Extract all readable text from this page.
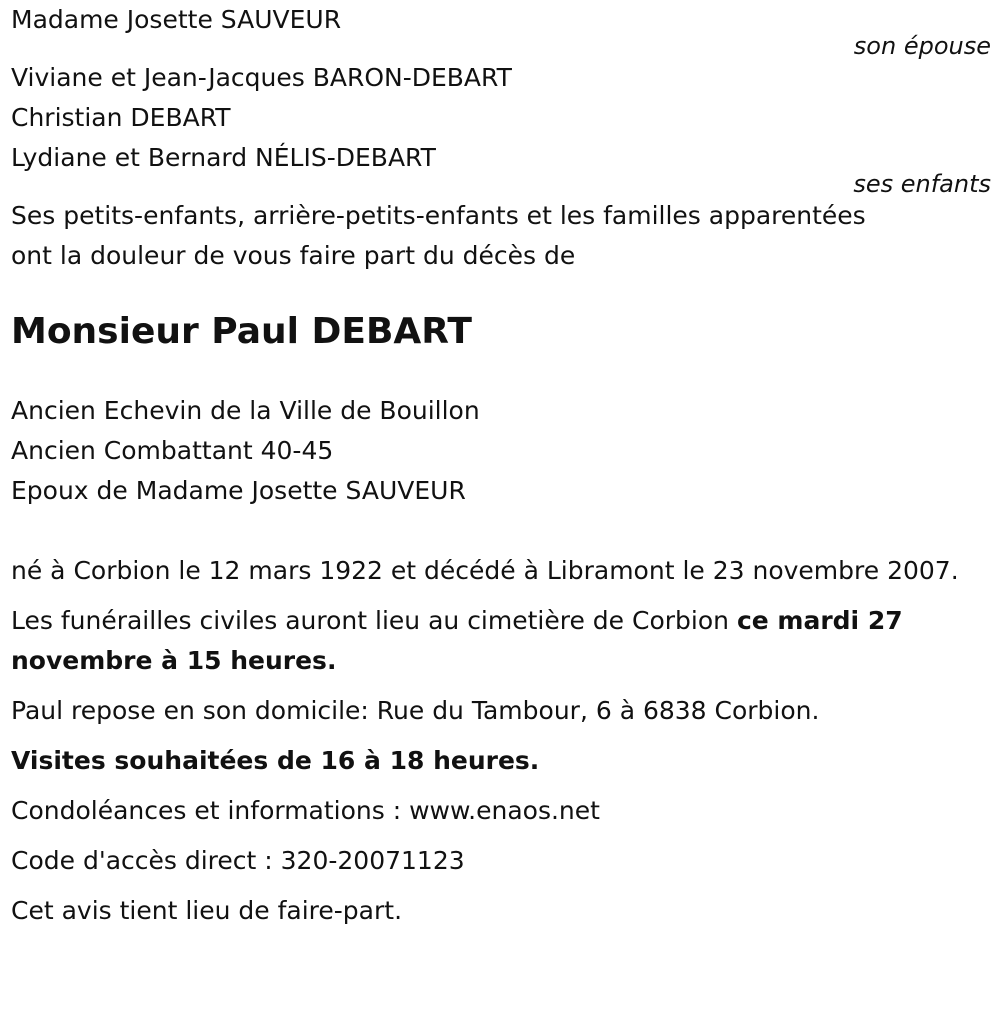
Madame Josette SAUVEUR
son épouse
Viviane et Jean-Jacques BARON-DEBART
Christian DEBART
Lydiane et Bernard NÉLIS-DEBART
ses enfants
Ses petits-enfants, arrière-petits-enfants et les familles apparentées
ont la douleur de vous faire part du décès de
Monsieur Paul DEBART
Ancien Echevin de la Ville de Bouillon
Ancien Combattant 40-45
Epoux de Madame Josette SAUVEUR
né à Corbion le 12 mars 1922 et décédé à Libramont le 23 novembre 2007.
Les funérailles civiles auront lieu au cimetière de Corbion ce mardi 27 novembre à 15 heures.
Paul repose en son domicile: Rue du Tambour, 6 à 6838 Corbion.
Visites souhaitées de 16 à 18 heures.
Condoléances et informations : www.enaos.net
Code d'accès direct : 320-20071123
Cet avis tient lieu de faire-part.
